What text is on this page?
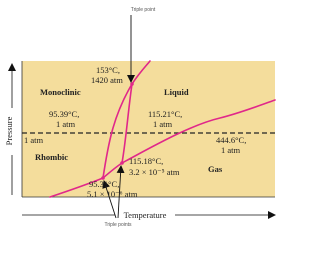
Triple point
Triple points
Pressure
Temperature
Liquid
Monoclinic
Rhombic
Gas
153°C,
1420 atm
95.39°C,
1 atm
115.21°C,
1 atm
444.6°C,
1 atm
1 atm
115.18°C,
3.2 × 10⁻⁵ atm
95.31°C,
5.1 × 10⁻⁶ atm
